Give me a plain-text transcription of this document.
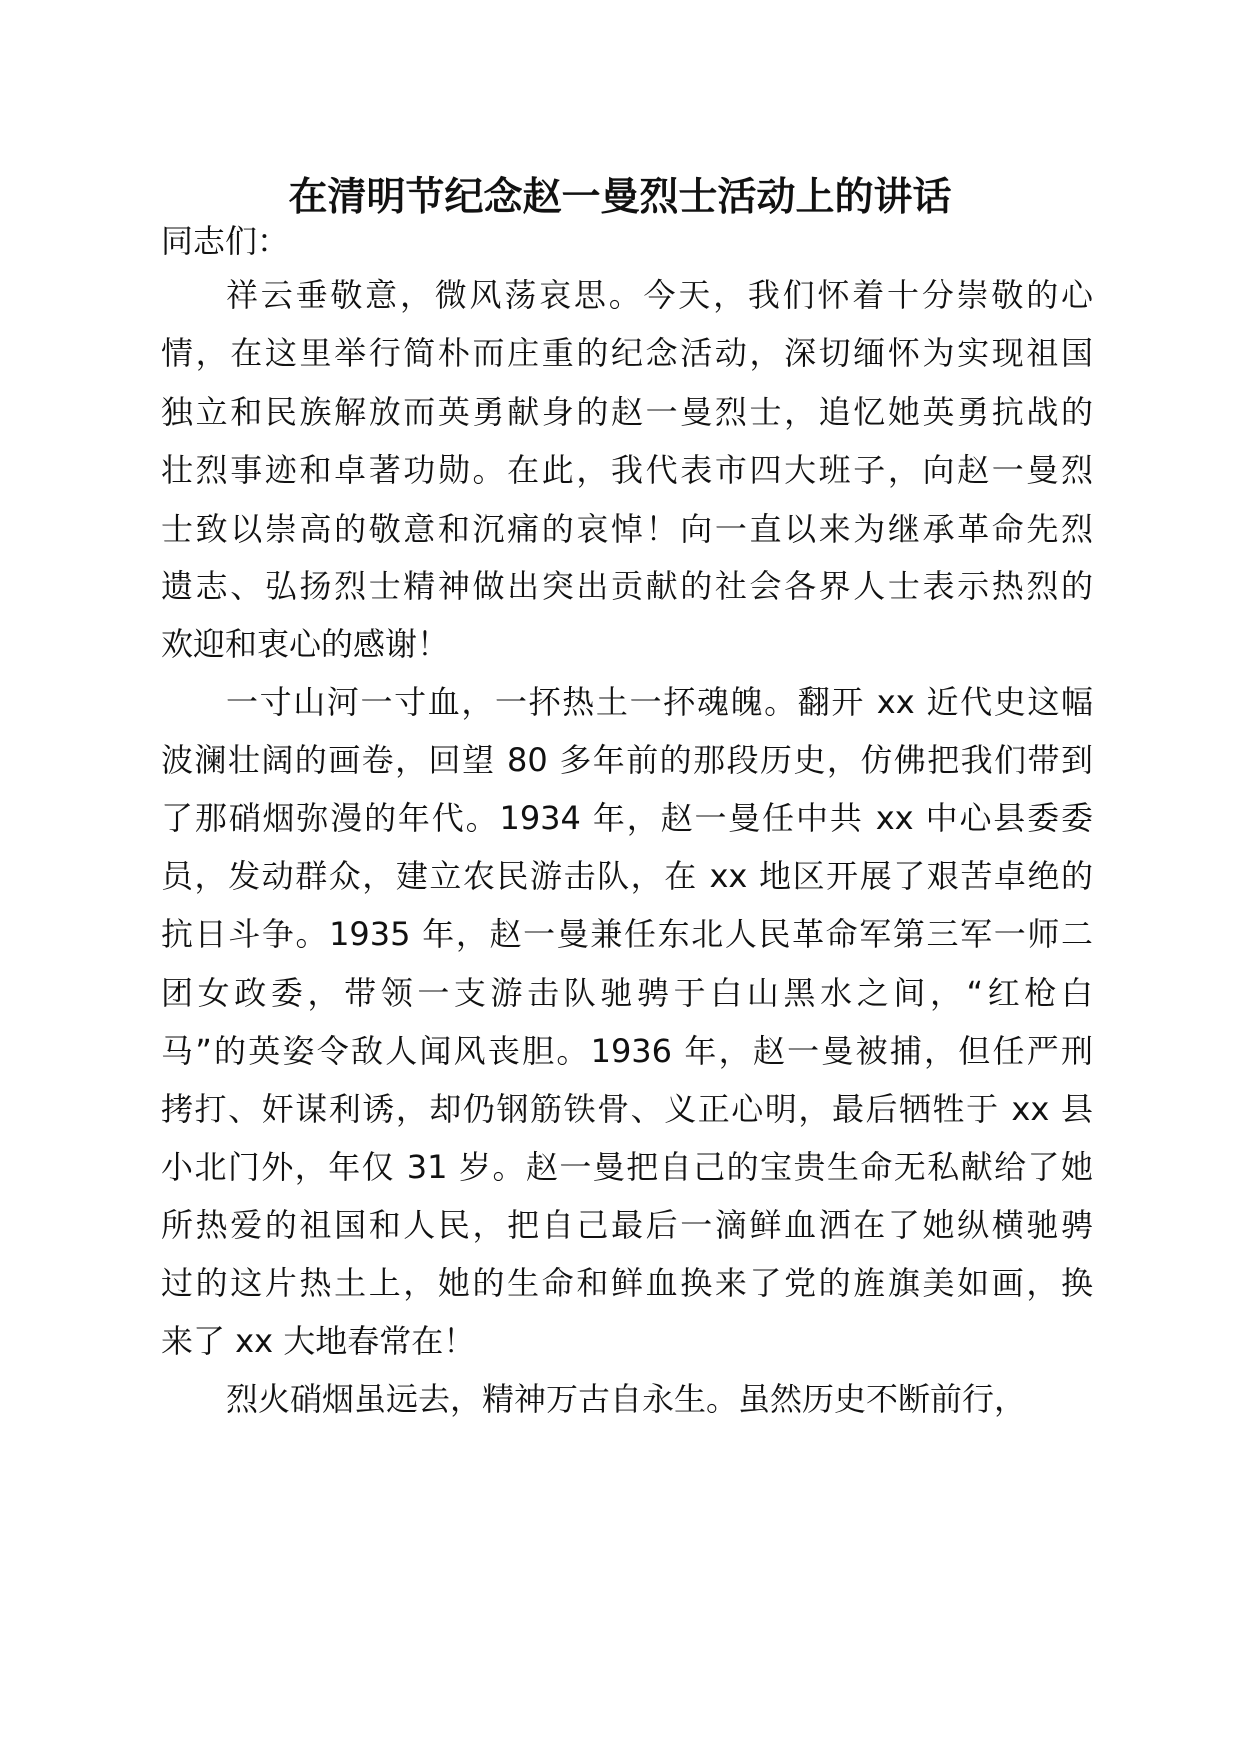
在清明节纪念赵一曼烈士活动上的讲话
同志们：
祥云垂敬意，微风荡哀思。今天，我们怀着十分崇敬的心
情，在这里举行简朴而庄重的纪念活动，深切缅怀为实现祖国
独立和民族解放而英勇献身的赵一曼烈士，追忆她英勇抗战的
壮烈事迹和卓著功勋。在此，我代表市四大班子，向赵一曼烈
士致以崇高的敬意和沉痛的哀悼！向一直以来为继承革命先烈
遗志、弘扬烈士精神做出突出贡献的社会各界人士表示热烈的
欢迎和衷心的感谢！
一寸山河一寸血，一抔热土一抔魂魄。翻开 xx 近代史这幅
波澜壮阔的画卷，回望 80 多年前的那段历史，仿佛把我们带到
了那硝烟弥漫的年代。1934 年，赵一曼任中共 xx 中心县委委
员，发动群众，建立农民游击队，在 xx 地区开展了艰苦卓绝的
抗日斗争。1935 年，赵一曼兼任东北人民革命军第三军一师二
团女政委，带领一支游击队驰骋于白山黑水之间，“红枪白
马”的英姿令敌人闻风丧胆。1936 年，赵一曼被捕，但任严刑
拷打、奸谋利诱，却仍钢筋铁骨、义正心明，最后牺牲于 xx 县
小北门外，年仅 31 岁。赵一曼把自己的宝贵生命无私献给了她
所热爱的祖国和人民，把自己最后一滴鲜血洒在了她纵横驰骋
过的这片热土上，她的生命和鲜血换来了党的旌旗美如画，换
来了 xx 大地春常在！
烈火硝烟虽远去，精神万古自永生。虽然历史不断前行，
